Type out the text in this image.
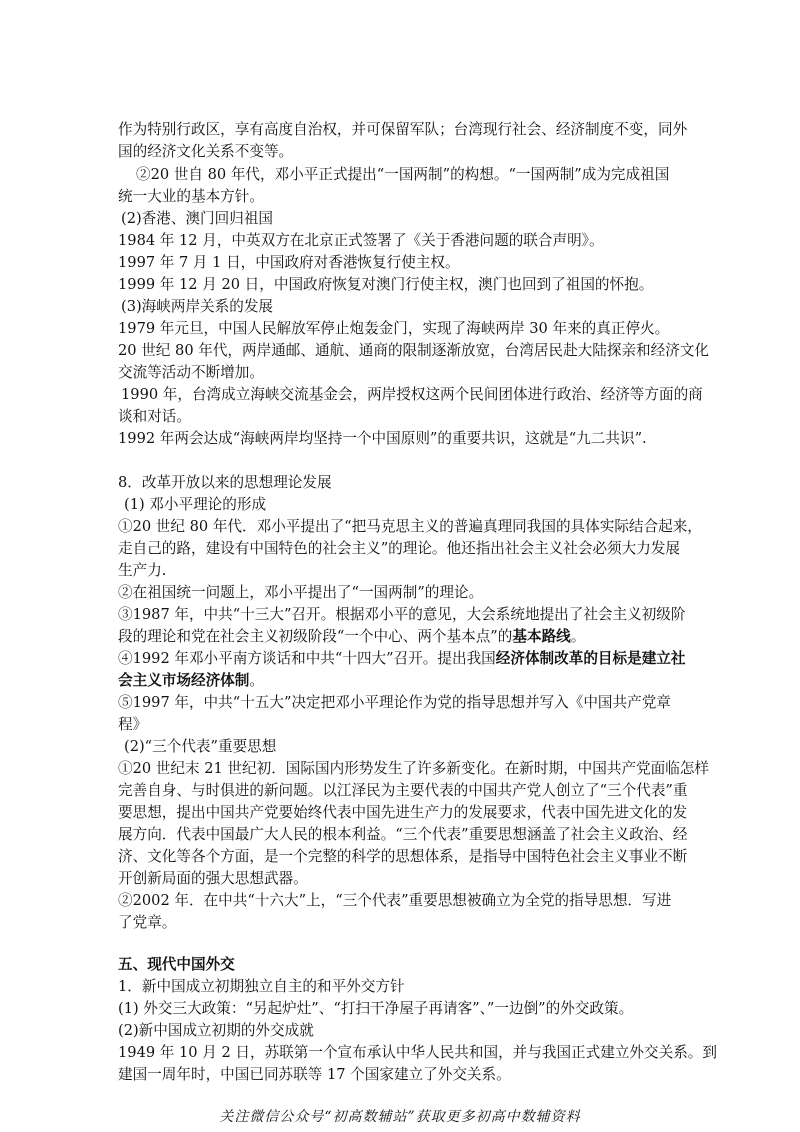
作为特别行政区，享有高度自治权，并可保留军队；台湾现行社会、经济制度不变，同外

国的经济文化关系不变等。

②20 世自 80 年代，邓小平正式提出“一国两制”的构想。“一国两制”成为完成祖国

统一大业的基本方针。

(2)香港、澳门回归祖国

1984 年 12 月，中英双方在北京正式签署了《关于香港问题的联合声明》。

1997 年 7 月 1 日，中国政府对香港恢复行使主权。

1999 年 12 月 20 日，中国政府恢复对澳门行使主权，澳门也回到了祖国的怀抱。

(3)海峡两岸关系的发展

1979 年元旦，中国人民解放军停止炮轰金门，实现了海峡两岸 30 年来的真正停火。

20 世纪 80 年代，两岸通邮、通航、通商的限制逐渐放宽，台湾居民赴大陆探亲和经济文化

交流等活动不断增加。

1990 年，台湾成立海峡交流基金会，两岸授权这两个民间团体进行政治、经济等方面的商

谈和对话。

1992 年两会达成“海峡两岸均坚持一个中国原则”的重要共识，这就是“九二共识”.

8．改革开放以来的思想理论发展

(1) 邓小平理论的形成

①20 世纪 80 年代．邓小平提出了“把马克思主义的普遍真理同我国的具体实际结合起来，

走自己的路，建设有中国特色的社会主义”的理论。他还指出社会主义社会必须大力发展

生产力.

②在祖国统一问题上，邓小平提出了“一国两制”的理论。

③1987 年，中共“十三大”召开。根据邓小平的意见，大会系统地提出了社会主义初级阶

段的理论和党在社会主义初级阶段“一个中心、两个基本点”的基本路线。

④1992 年邓小平南方谈话和中共“十四大”召开。提出我国经济体制改革的目标是建立社

会主义市场经济体制。

⑤1997 年，中共“十五大”决定把邓小平理论作为党的指导思想并写入《中国共产党章

程》

(2)“三个代表”重要思想

①20 世纪末 21 世纪初．国际国内形势发生了许多新变化。在新时期，中国共产党面临怎样

完善自身、与时俱进的新问题。以江泽民为主要代表的中国共产党人创立了“三个代表”重

要思想，提出中国共产党要始终代表中国先进生产力的发展要求，代表中国先进文化的发

展方向．代表中国最广大人民的根本利益。“三个代表”重要思想涵盖了社会主义政治、经

济、文化等各个方面，是一个完整的科学的思想体系，是指导中国特色社会主义事业不断

开创新局面的强大思想武器。

②2002 年．在中共“十六大”上，“三个代表”重要思想被确立为全党的指导思想．写进

了党章。

五、现代中国外交

1．新中国成立初期独立自主的和平外交方针

(1) 外交三大政策：“另起炉灶”、“打扫干净屋子再请客”、”一边倒”的外交政策。

(2)新中国成立初期的外交成就

1949 年 10 月 2 日，苏联第一个宣布承认中华人民共和国，并与我国正式建立外交关系。到

建国一周年时，中国已同苏联等 17 个国家建立了外交关系。

关注微信公众号“初高数辅站”获取更多初高中数辅资料
